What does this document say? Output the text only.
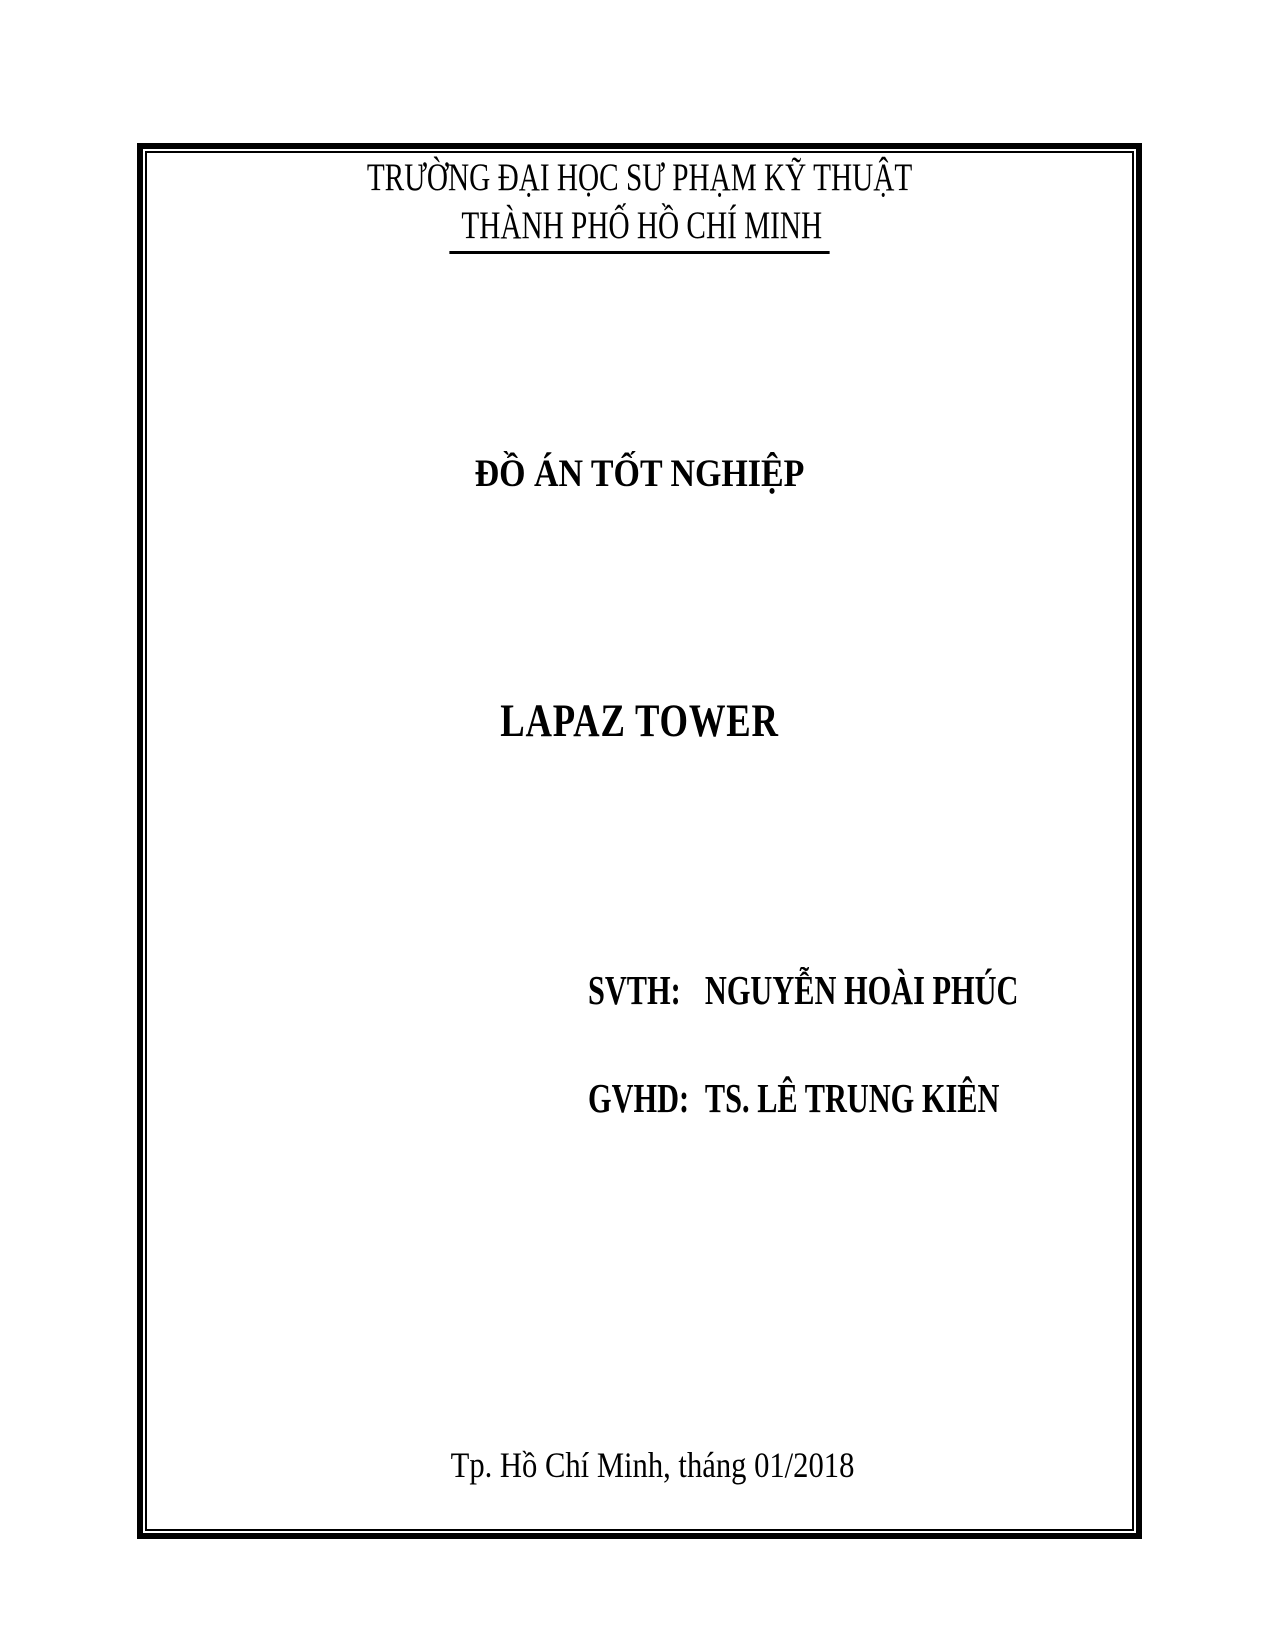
TRƯỜNG ĐẠI HỌC SƯ PHẠM KỸ THUẬT
THÀNH PHỐ HỒ CHÍ MINH
ĐỒ ÁN TỐT NGHIỆP
LAPAZ TOWER
SVTH: NGUYỄN HOÀI PHÚC
GVHD: TS. LÊ TRUNG KIÊN
Tp. Hồ Chí Minh, tháng 01/2018
